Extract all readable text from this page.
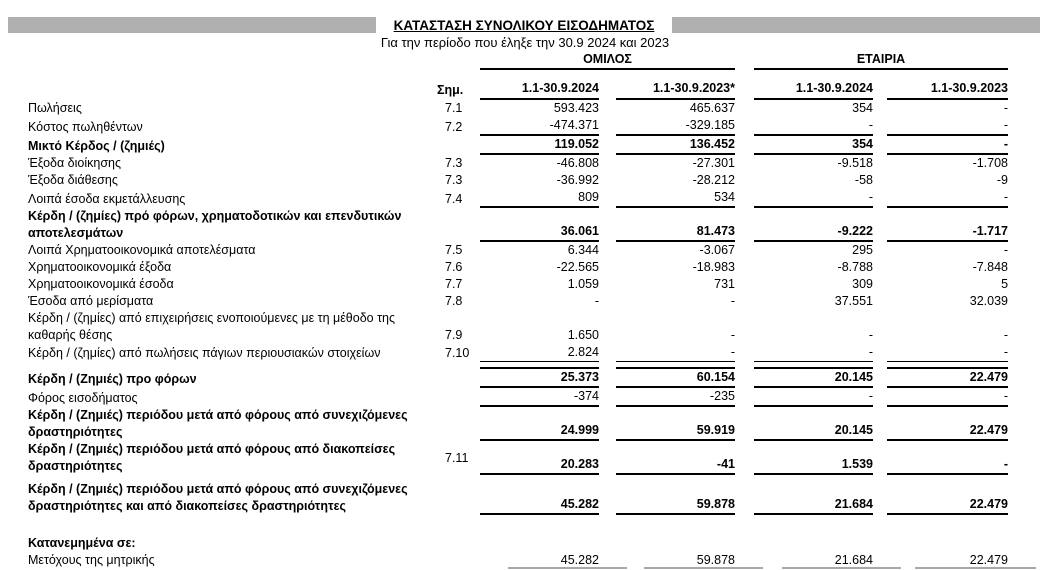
ΚΑΤΑΣΤΑΣΗ ΣΥΝΟΛΙΚΟΥ ΕΙΣΟΔΗΜΑΤΟΣ
Για την περίοδο που έληξε την 30.9 2024 και 2023
		ΟΜΙΛΟΣ				ΕΤΑΙΡΙΑ		
	Σημ.	1.1-30.9.2024		1.1-30.9.2023*		1.1-30.9.2024		1.1-30.9.2023
Πωλήσεις	7.1	593.423		465.637		354		-
Κόστος πωληθέντων	7.2	-474.371		-329.185		-		-
Μικτό Κέρδος / (ζημιές)		119.052		136.452		354		-
Έξοδα διοίκησης	7.3	-46.808		-27.301		-9.518		-1.708
Έξοδα διάθεσης	7.3	-36.992		-28.212		-58		-9
Λοιπά έσοδα εκμετάλλευσης	7.4	809		534		-		-
Κέρδη / (ζημίες) πρό φόρων, χρηματοδοτικών και επενδυτικών αποτελεσμάτων		36.061		81.473		-9.222		-1.717
Λοιπά Χρηματοοικονομικά αποτελέσματα	7.5	6.344		-3.067		295		-
Χρηματοοικονομικά έξοδα	7.6	-22.565		-18.983		-8.788		-7.848
Χρηματοοικονομικά έσοδα	7.7	1.059		731		309		5
Έσοδα από μερίσματα	7.8	-		-		37.551		32.039
Κέρδη / (ζημίες) από επιχειρήσεις ενοποιούμενες με τη μέθοδο της καθαρής θέσης	7.9	1.650		-		-		-
Κέρδη / (ζημίες) από πωλήσεις πάγιων περιουσιακών στοιχείων	7.10	2.824		-		-		-

Κέρδη / (Ζημιές) προ φόρων		25.373		60.154		20.145		22.479
Φόρος εισοδήματος		-374		-235		-		-
Κέρδη / (Ζημιές) περιόδου μετά από φόρους από συνεχιζόμενες δραστηριότητες		24.999		59.919		20.145		22.479
Κέρδη / (Ζημιές) περιόδου μετά από φόρους από διακοπείσες δραστηριότητες	7.11	20.283		-41		1.539		-
Κέρδη / (Ζημιές) περιόδου μετά από φόρους από συνεχιζόμενες δραστηριότητες και από διακοπείσες δραστηριότητες		45.282		59.878		21.684		22.479
Κατανεμημένα σε:								
Μετόχους της μητρικής		45.282		59.878		21.684		22.479
